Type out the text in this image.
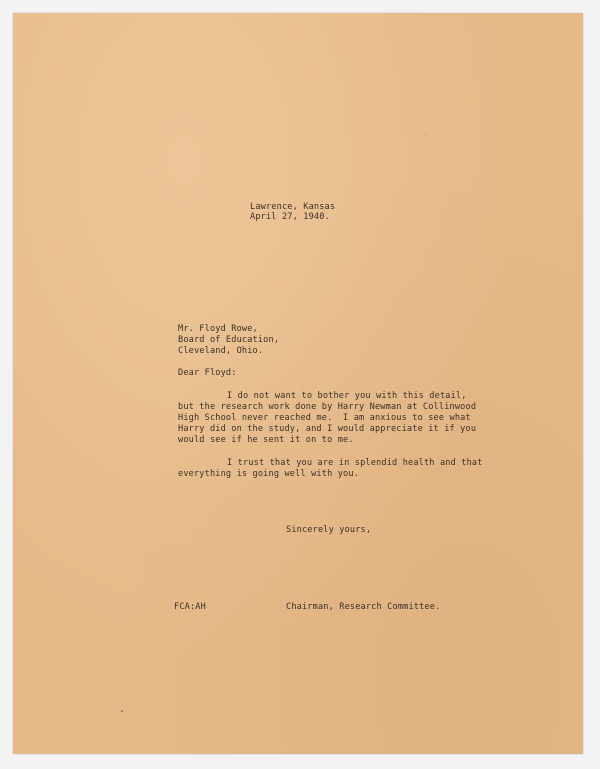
Lawrence, Kansas
April 27, 1940.
Mr. Floyd Rowe,
Board of Education,
Cleveland, Ohio.
Dear Floyd:
I do not want to bother you with this detail,
but the research work done by Harry Newman at Collinwood
High School never reached me.  I am anxious to see what
Harry did on the study, and I would appreciate it if you
would see if he sent it on to me.
I trust that you are in splendid health and that
everything is going well with you.
Sincerely yours,
FCA:AH	Chairman, Research Committee.
